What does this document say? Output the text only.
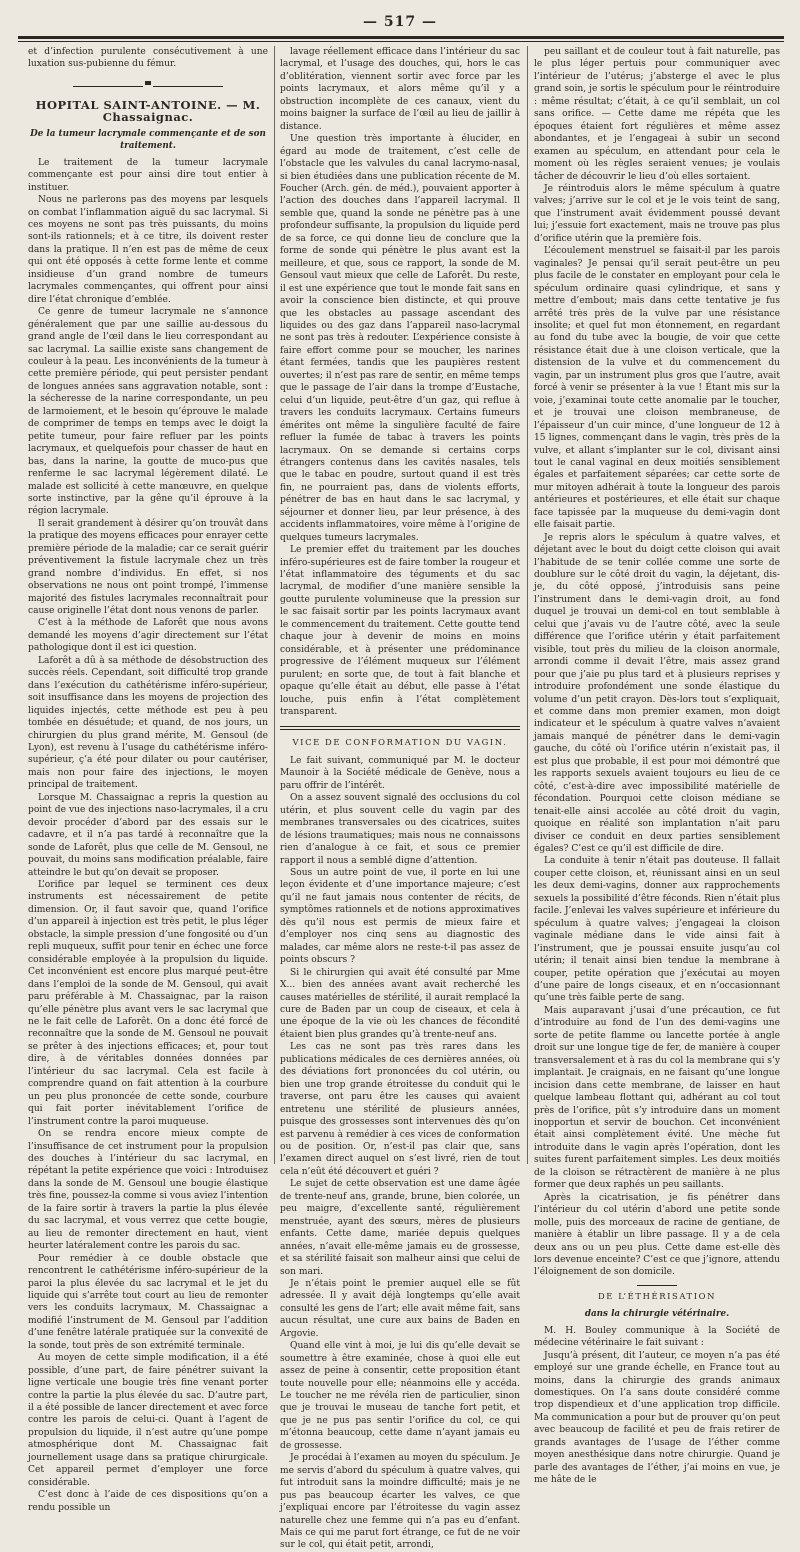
— 517 —

et d’infection purulente consécutivement à une luxation sus-pubienne du fémur.

HOPITAL SAINT-ANTOINE. — M. Chassaignac.
De la tumeur lacrymale commençante et de son traitement.

Le traitement de la tumeur lacrymale commençante est pour ainsi dire tout entier à instituer.

Nous ne parlerons pas des moyens par lesquels on combat l’inflammation aiguë du sac lacrymal. Si ces moyens ne sont pas très puissants, du moins sont-ils rationnels; et à ce titre, ils doivent rester dans la pratique. Il n’en est pas de même de ceux qui ont été opposés à cette forme lente et comme insidieuse d’un grand nombre de tumeurs lacrymales commençantes, qui offrent pour ainsi dire l’état chronique d’emblée.

Ce genre de tumeur lacrymale ne s’annonce généralement que par une saillie au-dessous du grand angle de l’œil dans le lieu correspondant au sac lacrymal. La saillie existe sans changement de couleur à la peau. Les inconvénients de la tumeur à cette première période, qui peut persister pendant de longues années sans aggravation notable, sont : la sécheresse de la narine correspondante, un peu de larmoiement, et le besoin qu’éprouve le malade de comprimer de temps en temps avec le doigt la petite tumeur, pour faire refluer par les points lacrymaux, et quelquefois pour chasser de haut en bas, dans la narine, la goutte de muco-pus que renferme le sac lacrymal légèrement dilaté. Le malade est sollicité à cette manœuvre, en quelque sorte instinctive, par la gêne qu’il éprouve à la région lacrymale.

Il serait grandement à désirer qu’on trouvât dans la pratique des moyens efficaces pour enrayer cette première période de la maladie; car ce serait guérir préventivement la fistule lacrymale chez un très grand nombre d’individus. En effet, si nos observations ne nous ont point trompé, l’immense majorité des fistules lacrymales reconnaîtrait pour cause originelle l’état dont nous venons de parler.

C’est à la méthode de Laforêt que nous avons demandé les moyens d’agir directement sur l’état pathologique dont il est ici question.

Laforêt a dû à sa méthode de désobstruction des succès réels. Cependant, soit difficulté trop grande dans l’exécution du cathétérisme inféro-supérieur, soit insuffisance dans les moyens de projection des liquides injectés, cette méthode est peu à peu tombée en désuétude; et quand, de nos jours, un chirurgien du plus grand mérite, M. Gensoul (de Lyon), est revenu à l’usage du cathétérisme inféro-supérieur, ç’a été pour dilater ou pour cautériser, mais non pour faire des injections, le moyen principal de traitement.

Lorsque M. Chassaignac a repris la question au point de vue des injections naso-lacrymales, il a cru devoir procéder d’abord par des essais sur le cadavre, et il n’a pas tardé à reconnaître que la sonde de Laforêt, plus que celle de M. Gensoul, ne pouvait, du moins sans modification préalable, faire atteindre le but qu’on devait se proposer.

L’orifice par lequel se terminent ces deux instruments est nécessairement de petite dimension. Or, il faut savoir que, quand l’orifice d’un appareil à injection est très petit, le plus léger obstacle, la simple pression d’une fongosité ou d’un repli muqueux, suffit pour tenir en échec une force considérable employée à la propulsion du liquide. Cet inconvénient est encore plus marqué peut-être dans l’emploi de la sonde de M. Gensoul, qui avait paru préférable à M. Chassaignac, par la raison qu’elle pénètre plus avant vers le sac lacrymal que ne le fait celle de Laforêt. On a donc été forcé de reconnaître que la sonde de M. Gensoul ne pouvait se prêter à des injections efficaces; et, pour tout dire, à de véritables données données par l’intérieur du sac lacrymal. Cela est facile à comprendre quand on fait attention à la courbure un peu plus prononcée de cette sonde, courbure qui fait porter inévitablement l’orifice de l’instrument contre la paroi muqueuse.

On se rendra encore mieux compte de l’insuffisance de cet instrument pour la propulsion des douches à l’intérieur du sac lacrymal, en répétant la petite expérience que voici : Introduisez dans la sonde de M. Gensoul une bougie élastique très fine, poussez-la comme si vous aviez l’intention de la faire sortir à travers la partie la plus élevée du sac lacrymal, et vous verrez que cette bougie, au lieu de remonter directement en haut, vient heurter latéralement contre les parois du sac.

Pour remédier à ce double obstacle que rencontrent le cathétérisme inféro-supérieur de la paroi la plus élevée du sac lacrymal et le jet du liquide qui s’arrête tout court au lieu de remonter vers les conduits lacrymaux, M. Chassaignac a modifié l’instrument de M. Gensoul par l’addition d’une fenêtre latérale pratiquée sur la convexité de la sonde, tout près de son extrémité terminale.

Au moyen de cette simple modification, il a été possible, d’une part, de faire pénétrer suivant la ligne verticale une bougie très fine venant porter contre la partie la plus élevée du sac. D’autre part, il a été possible de lancer directement et avec force contre les parois de celui-ci. Quant à l’agent de propulsion du liquide, il n’est autre qu’une pompe atmosphérique dont M. Chassaignac fait journellement usage dans sa pratique chirurgicale. Cet appareil permet d’employer une force considérable.

C’est donc à l’aide de ces dispositions qu’on a rendu possible un

lavage réellement efficace dans l’intérieur du sac lacrymal, et l’usage des douches, qui, hors le cas d’oblitération, viennent sortir avec force par les points lacrymaux, et alors même qu’il y a obstruction incomplète de ces canaux, vient du moins baigner la surface de l’œil au lieu de jaillir à distance.

Une question très importante à élucider, en égard au mode de traitement, c’est celle de l’obstacle que les valvules du canal lacrymo-nasal, si bien étudiées dans une publication récente de M. Foucher (Arch. gén. de méd.), pouvaient apporter à l’action des douches dans l’appareil lacrymal. Il semble que, quand la sonde ne pénètre pas à une profondeur suffisante, la propulsion du liquide perd de sa force, ce qui donne lieu de conclure que la forme de sonde qui pénètre le plus avant est la meilleure, et que, sous ce rapport, la sonde de M. Gensoul vaut mieux que celle de Laforêt. Du reste, il est une expérience que tout le monde fait sans en avoir la conscience bien distincte, et qui prouve que les obstacles au passage ascendant des liquides ou des gaz dans l’appareil naso-lacrymal ne sont pas très à redouter. L’expérience consiste à faire effort comme pour se moucher, les narines étant fermées, tandis que les paupières restent ouvertes; il n’est pas rare de sentir, en même temps que le passage de l’air dans la trompe d’Eustache, celui d’un liquide, peut-être d’un gaz, qui reflue à travers les conduits lacrymaux. Certains fumeurs émérites ont même la singulière faculté de faire refluer la fumée de tabac à travers les points lacrymaux. On se demande si certains corps étrangers contenus dans les cavités nasales, tels que le tabac en poudre, surtout quand il est très fin, ne pourraient pas, dans de violents efforts, pénétrer de bas en haut dans le sac lacrymal, y séjourner et donner lieu, par leur présence, à des accidents inflammatoires, voire même à l’origine de quelques tumeurs lacrymales.

Le premier effet du traitement par les douches inféro-supérieures est de faire tomber la rougeur et l’état inflammatoire des téguments et du sac lacrymal, de modifier d’une manière sensible la goutte purulente volumineuse que la pression sur le sac faisait sortir par les points lacrymaux avant le commencement du traitement. Cette goutte tend chaque jour à devenir de moins en moins considérable, et à présenter une prédominance progressive de l’élément muqueux sur l’élément purulent; en sorte que, de tout à fait blanche et opaque qu’elle était au début, elle passe à l’état louche, puis enfin à l’état complètement transparent.

VICE DE CONFORMATION DU VAGIN.

Le fait suivant, communiqué par M. le docteur Maunoir à la Société médicale de Genève, nous a paru offrir de l’intérêt.

On a assez souvent signalé des occlusions du col utérin, et plus souvent celle du vagin par des membranes transversales ou des cicatrices, suites de lésions traumatiques; mais nous ne connaissons rien d’analogue à ce fait, et sous ce premier rapport il nous a semblé digne d’attention.

Sous un autre point de vue, il porte en lui une leçon évidente et d’une importance majeure; c’est qu’il ne faut jamais nous contenter de récits, de symptômes rationnels et de notions approximatives dès qu’il nous est permis de mieux faire et d’employer nos cinq sens au diagnostic des malades, car même alors ne reste-t-il pas assez de points obscurs ?

Si le chirurgien qui avait été consulté par Mme X... bien des années avant avait recherché les causes matérielles de stérilité, il aurait remplacé la cure de Baden par un coup de ciseaux, et cela à une époque de la vie où les chances de fécondité étaient bien plus grandes qu’à trente-neuf ans.

Les cas ne sont pas très rares dans les publications médicales de ces dernières années, où des déviations fort prononcées du col utérin, ou bien une trop grande étroitesse du conduit qui le traverse, ont paru être les causes qui avaient entretenu une stérilité de plusieurs années, puisque des grossesses sont intervenues dès qu’on est parvenu à remédier à ces vices de conformation ou de position. Or, n’est-il pas clair que, sans l’examen direct auquel on s’est livré, rien de tout cela n’eût été découvert et guéri ?

Le sujet de cette observation est une dame âgée de trente-neuf ans, grande, brune, bien colorée, un peu maigre, d’excellente santé, régulièrement menstruée, ayant des sœurs, mères de plusieurs enfants. Cette dame, mariée depuis quelques années, n’avait elle-même jamais eu de grossesse, et sa stérilité faisait son malheur ainsi que celui de son mari.

Je n’étais point le premier auquel elle se fût adressée. Il y avait déjà longtemps qu’elle avait consulté les gens de l’art; elle avait même fait, sans aucun résultat, une cure aux bains de Baden en Argovie.

Quand elle vint à moi, je lui dis qu’elle devait se soumettre à être examinée, chose à quoi elle eut assez de peine à consentir, cette proposition étant toute nouvelle pour elle; néanmoins elle y accéda. Le toucher ne me révéla rien de particulier, sinon que je trouvai le museau de tanche fort petit, et que je ne pus pas sentir l’orifice du col, ce qui m’étonna beaucoup, cette dame n’ayant jamais eu de grossesse.

Je procédai à l’examen au moyen du spéculum. Je me servis d’abord du spéculum à quatre valves, qui fut introduit sans la moindre difficulté; mais je ne pus pas beaucoup écarter les valves, ce que j’expliquai encore par l’étroitesse du vagin assez naturelle chez une femme qui n’a pas eu d’enfant. Mais ce qui me parut fort étrange, ce fut de ne voir sur le col, qui était petit, arrondi,

peu saillant et de couleur tout à fait naturelle, pas le plus léger pertuis pour communiquer avec l’intérieur de l’utérus; j’absterge el avec le plus grand soin, je sortis le spéculum pour le réintroduire : même résultat; c’était, à ce qu’il semblait, un col sans orifice. — Cette dame me répéta que les époques étaient fort régulières et même assez abondantes, et je l’engageai à subir un second examen au spéculum, en attendant pour cela le moment où les règles seraient venues; je voulais tâcher de découvrir le lieu d’où elles sortaient.

Je réintroduis alors le même spéculum à quatre valves; j’arrive sur le col et je le vois teint de sang, que l’instrument avait évidemment poussé devant lui; j’essuie fort exactement, mais ne trouve pas plus d’orifice utérin que la première fois.

L’écoulement menstruel se faisait-il par les parois vaginales? Je pensai qu’il serait peut-être un peu plus facile de le constater en employant pour cela le spéculum ordinaire quasi cylindrique, et sans y mettre d’embout; mais dans cette tentative je fus arrêté très près de la vulve par une résistance insolite; et quel fut mon étonnement, en regardant au fond du tube avec la bougie, de voir que cette résistance était due à une cloison verticale, que la distension de la vulve et du commencement du vagin, par un instrument plus gros que l’autre, avait forcé à venir se présenter à la vue ! Étant mis sur la voie, j’examinai toute cette anomalie par le toucher, et je trouvai une cloison membraneuse, de l’épaisseur d’un cuir mince, d’une longueur de 12 à 15 lignes, commençant dans le vagin, très près de la vulve, et allant s’implanter sur le col, divisant ainsi tout le canal vaginal en deux moitiés sensiblement égales et parfaitement séparées; car cette sorte de mur mitoyen adhérait à toute la longueur des parois antérieures et postérieures, et elle était sur chaque face tapissée par la muqueuse du demi-vagin dont elle faisait partie.

Je repris alors le spéculum à quatre valves, et déjetant avec le bout du doigt cette cloison qui avait l’habitude de se tenir collée comme une sorte de doublure sur le côté droit du vagin, la déjetant, dis-je, du côté opposé, j’introduisis sans peine l’instrument dans le demi-vagin droit, au fond duquel je trouvai un demi-col en tout semblable à celui que j’avais vu de l’autre côté, avec la seule différence que l’orifice utérin y était parfaitement visible, tout près du milieu de la cloison anormale, arrondi comme il devait l’être, mais assez grand pour que j’aie pu plus tard et à plusieurs reprises y introduire profondément une sonde élastique du volume d’un petit crayon. Dès-lors tout s’expliquait, et comme dans mon premier examen, mon doigt indicateur et le spéculum à quatre valves n’avaient jamais manqué de pénétrer dans le demi-vagin gauche, du côté où l’orifice utérin n’existait pas, il est plus que probable, il est pour moi démontré que les rapports sexuels avaient toujours eu lieu de ce côté, c’est-à-dire avec impossibilité matérielle de fécondation. Pourquoi cette cloison médiane se tenait-elle ainsi accolée au côté droit du vagin, quoique en réalité son implantation n’ait paru diviser ce conduit en deux parties sensiblement égales? C’est ce qu’il est difficile de dire.

La conduite à tenir n’était pas douteuse. Il fallait couper cette cloison, et, réunissant ainsi en un seul les deux demi-vagins, donner aux rapprochements sexuels la possibilité d’être féconds. Rien n’était plus facile. J’enlevai les valves supérieure et inférieure du spéculum à quatre valves; j’engageai la cloison vaginale médiane dans le vide ainsi fait à l’instrument, que je poussai ensuite jusqu’au col utérin; il tenait ainsi bien tendue la membrane à couper, petite opération que j’exécutai au moyen d’une paire de longs ciseaux, et en n’occasionnant qu’une très faible perte de sang.

Mais auparavant j’usai d’une précaution, ce fut d’introduire au fond de l’un des demi-vagins une sorte de petite flamme ou lancette portée à angle droit sur une longue tige de fer, de manière à couper transversalement et à ras du col la membrane qui s’y implantait. Je craignais, en ne faisant qu’une longue incision dans cette membrane, de laisser en haut quelque lambeau flottant qui, adhérant au col tout près de l’orifice, pût s’y introduire dans un moment inopportun et servir de bouchon. Cet inconvénient était ainsi complètement évité. Une mèche fut introduite dans le vagin après l’opération, dont les suites furent parfaitement simples. Les deux moitiés de la cloison se rétractèrent de manière à ne plus former que deux raphés un peu saillants.

Après la cicatrisation, je fis pénétrer dans l’intérieur du col utérin d’abord une petite sonde molle, puis des morceaux de racine de gentiane, de manière à établir un libre passage. Il y a de cela deux ans ou un peu plus. Cette dame est-elle dès lors devenue enceinte? C’est ce que j’ignore, attendu l’éloignement de son domicile.

DE L’ÉTHÉRISATION
dans la chirurgie vétérinaire.

M. H. Bouley communique à la Société de médecine vétérinaire le fait suivant :

Jusqu’à présent, dit l’auteur, ce moyen n’a pas été employé sur une grande échelle, en France tout au moins, dans la chirurgie des grands animaux domestiques. On l’a sans doute considéré comme trop dispendieux et d’une application trop difficile. Ma communication a pour but de prouver qu’on peut avec beaucoup de facilité et peu de frais retirer de grands avantages de l’usage de l’éther comme moyen anesthésique dans notre chirurgie. Quand je parle des avantages de l’éther, j’ai moins en vue, je me hâte de le
